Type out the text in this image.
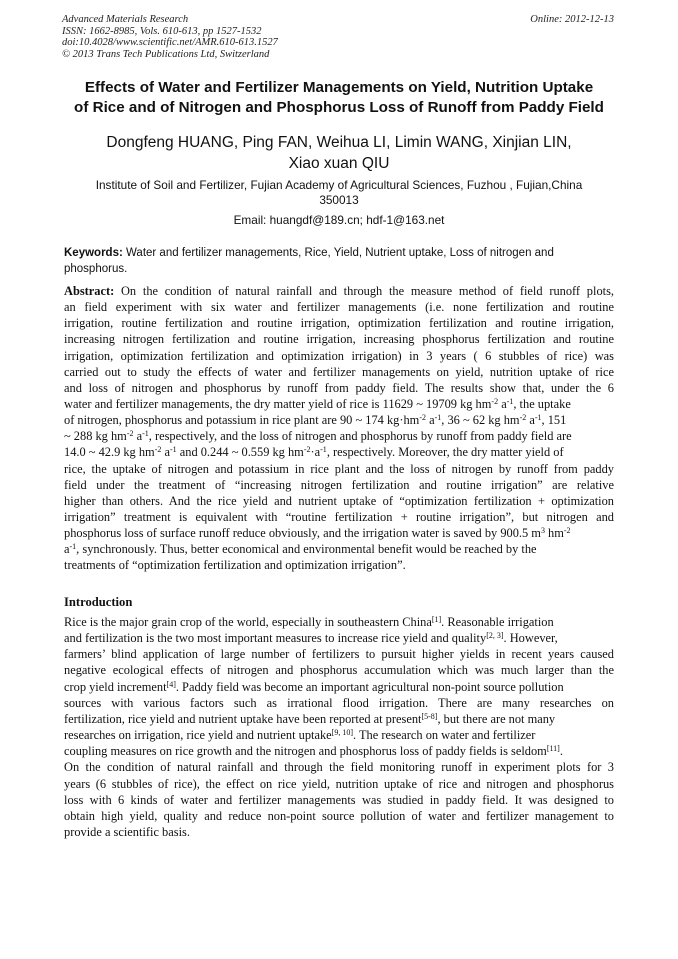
Advanced Materials Research
ISSN: 1662-8985, Vols. 610-613, pp 1527-1532
doi:10.4028/www.scientific.net/AMR.610-613.1527
© 2013 Trans Tech Publications Ltd, Switzerland
Online: 2012-12-13
Effects of Water and Fertilizer Managements on Yield, Nutrition Uptake
of Rice and of Nitrogen and Phosphorus Loss of Runoff from Paddy Field
Dongfeng HUANG, Ping FAN, Weihua LI, Limin WANG, Xinjian LIN,
Xiao xuan QIU
Institute of Soil and Fertilizer, Fujian Academy of Agricultural Sciences, Fuzhou , Fujian,China
350013
Email: huangdf@189.cn; hdf-1@163.net
Keywords: Water and fertilizer managements, Rice, Yield, Nutrient uptake, Loss of nitrogen and
phosphorus.
Abstract: On the condition of natural rainfall and through the measure method of field runoff plots,
an field experiment with six water and fertilizer managements (i.e. none fertilization and routine
irrigation, routine fertilization and routine irrigation, optimization fertilization and routine irrigation,
increasing nitrogen fertilization and routine irrigation, increasing phosphorus fertilization and routine
irrigation, optimization fertilization and optimization irrigation) in 3 years ( 6 stubbles of rice) was
carried out to study the effects of water and fertilizer managements on yield, nutrition uptake of rice
and loss of nitrogen and phosphorus by runoff from paddy field. The results show that, under the 6
water and fertilizer managements, the dry matter yield of rice is 11629 ~ 19709 kg $hm^{-2}$ $a^{-1}$, the uptake
of nitrogen, phosphorus and potassium in rice plant are 90 ~ 174 $kg\cdot hm^{-2}$ $a^{-1}$, 36 ~ 62 kg $hm^{-2}$ $a^{-1}$, 151
~ 288 kg $hm^{-2}$ $a^{-1}$, respectively, and the loss of nitrogen and phosphorus by runoff from paddy field are
14.0 ~ 42.9 kg $hm^{-2}$ $a^{-1}$ and 0.244 ~ 0.559 kg $hm^{-2}\cdot a^{-1}$, respectively. Moreover, the dry matter yield of
rice, the uptake of nitrogen and potassium in rice plant and the loss of nitrogen by runoff from paddy
field under the treatment of “increasing nitrogen fertilization and routine irrigation” are relative
higher than others. And the rice yield and nutrient uptake of “optimization fertilization + optimization
irrigation” treatment is equivalent with “routine fertilization + routine irrigation”, but nitrogen and
phosphorus loss of surface runoff reduce obviously, and the irrigation water is saved by 900.5 $m^3$ $hm^{-2}$
$a^{-1}$, synchronously. Thus, better economical and environmental benefit would be reached by the
treatments of “optimization fertilization and optimization irrigation”.
Introduction
Rice is the major grain crop of the world, especially in southeastern China[1]. Reasonable irrigation
and fertilization is the two most important measures to increase rice yield and quality[2, 3]. However,
farmers’ blind application of large number of fertilizers to pursuit higher yields in recent years caused
negative ecological effects of nitrogen and phosphorus accumulation which was much larger than the
crop yield increment[4]. Paddy field was become an important agricultural non-point source pollution
sources with various factors such as irrational flood irrigation. There are many researches on
fertilization, rice yield and nutrient uptake have been reported at present[5-8], but there are not many
researches on irrigation, rice yield and nutrient uptake[9, 10]. The research on water and fertilizer
coupling measures on rice growth and the nitrogen and phosphorus loss of paddy fields is seldom[11].
On the condition of natural rainfall and through the field monitoring runoff in experiment plots for 3
years (6 stubbles of rice), the effect on rice yield, nutrition uptake of rice and nitrogen and phosphorus
loss with 6 kinds of water and fertilizer managements was studied in paddy field. It was designed to
obtain high yield, quality and reduce non-point source pollution of water and fertilizer management to
provide a scientific basis.
